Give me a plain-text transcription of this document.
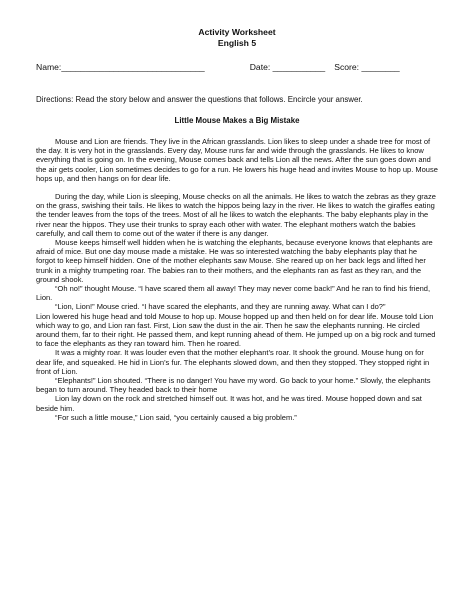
Activity Worksheet
English 5
Name: ______________________________	Date:
___________ Score:
________
Directions: Read the story below and answer the questions that follows. Encircle your answer.
Little Mouse Makes a Big Mistake

Mouse and Lion are friends. They live in the African grasslands. Lion likes to sleep under a shade tree for most of the day. It is very hot in the grasslands. Every day, Mouse runs far and wide through the grasslands. He likes to know everything that is going on. In the evening, Mouse comes back and tells Lion all the news. After the sun goes down and the air gets cooler, Lion sometimes decides to go for a run. He lowers his huge head and invites Mouse to hop up. Mouse hops up, and then hangs on for dear life.

During the day, while Lion is sleeping, Mouse checks on all the animals. He likes to watch the zebras as they graze on the grass, swishing their tails. He likes to watch the hippos being lazy in the river. He likes to watch the giraffes eating the tender leaves from the tops of the trees. Most of all he likes to watch the elephants. The baby elephants play in the river near the hippos. They use their trunks to spray each other with water. The elephant mothers watch the babies carefully, and call them to come out of the water if there is any danger.

Mouse keeps himself well hidden when he is watching the elephants, because everyone knows that elephants are afraid of mice. But one day mouse made a mistake. He was so interested watching the baby elephants play that he forgot to keep himself hidden. One of the mother elephants saw Mouse. She reared up on her back legs and lifted her trunk in a mighty trumpeting roar. The babies ran to their mothers, and the elephants ran as fast as they ran, and the ground shook.

“Oh no!” thought Mouse. “I have scared them all away! They may never come back!” And he ran to find his friend, Lion.

“Lion, Lion!” Mouse cried. “I have scared the elephants, and they are running away. What can I do?”

Lion lowered his huge head and told Mouse to hop up. Mouse hopped up and then held on for dear life. Mouse told Lion which way to go, and Lion ran fast. First, Lion saw the dust in the air. Then he saw the elephants running. He circled around them, far to their right. He passed them, and kept running ahead of them. He jumped up on a big rock and turned to face the elephants as they ran toward him. Then he roared.

It was a mighty roar. It was louder even that the mother elephant’s roar. It shook the ground. Mouse hung on for dear life, and squeaked. He hid in Lion’s fur. The elephants slowed down, and then they stopped. They stopped right in front of Lion.

“Elephants!” Lion shouted. “There is no danger! You have my word. Go back to your home.” Slowly, the elephants began to turn around. They headed back to their home

Lion lay down on the rock and stretched himself out. It was hot, and he was tired. Mouse hopped down and sat beside him.

“For such a little mouse,” Lion said, “you certainly caused a big problem.”
